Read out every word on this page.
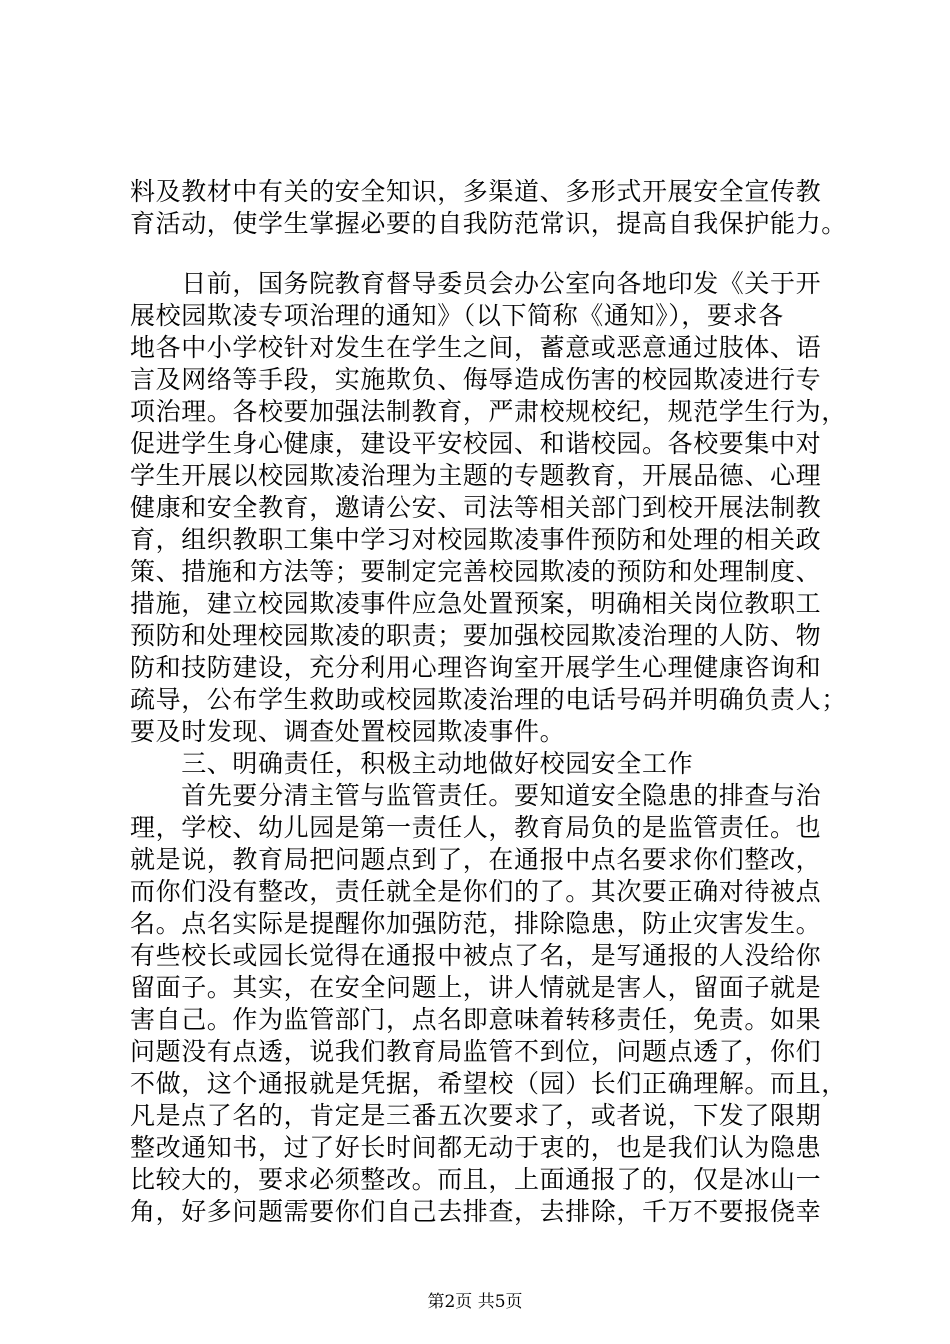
料及教材中有关的安全知识，多渠道、多形式开展安全宣传教
育活动，使学生掌握必要的自我防范常识，提高自我保护能力。
　　日前，国务院教育督导委员会办公室向各地印发《关于开
展校园欺凌专项治理的通知》（以下简称《通知》），要求各
地各中小学校针对发生在学生之间，蓄意或恶意通过肢体、语
言及网络等手段，实施欺负、侮辱造成伤害的校园欺凌进行专
项治理。各校要加强法制教育，严肃校规校纪，规范学生行为，
促进学生身心健康，建设平安校园、和谐校园。各校要集中对
学生开展以校园欺凌治理为主题的专题教育，开展品德、心理
健康和安全教育，邀请公安、司法等相关部门到校开展法制教
育，组织教职工集中学习对校园欺凌事件预防和处理的相关政
策、措施和方法等；要制定完善校园欺凌的预防和处理制度、
措施，建立校园欺凌事件应急处置预案，明确相关岗位教职工
预防和处理校园欺凌的职责；要加强校园欺凌治理的人防、物
防和技防建设，充分利用心理咨询室开展学生心理健康咨询和
疏导，公布学生救助或校园欺凌治理的电话号码并明确负责人；
要及时发现、调查处置校园欺凌事件。
　　三、明确责任，积极主动地做好校园安全工作
　　首先要分清主管与监管责任。要知道安全隐患的排查与治
理，学校、幼儿园是第一责任人，教育局负的是监管责任。也
就是说，教育局把问题点到了，在通报中点名要求你们整改，
而你们没有整改，责任就全是你们的了。其次要正确对待被点
名。点名实际是提醒你加强防范，排除隐患，防止灾害发生。
有些校长或园长觉得在通报中被点了名，是写通报的人没给你
留面子。其实，在安全问题上，讲人情就是害人，留面子就是
害自己。作为监管部门，点名即意味着转移责任，免责。如果
问题没有点透，说我们教育局监管不到位，问题点透了，你们
不做，这个通报就是凭据，希望校（园）长们正确理解。而且，
凡是点了名的，肯定是三番五次要求了，或者说，下发了限期
整改通知书，过了好长时间都无动于衷的，也是我们认为隐患
比较大的，要求必须整改。而且，上面通报了的，仅是冰山一
角，好多问题需要你们自己去排查，去排除，千万不要报侥幸
第2页 共5页
